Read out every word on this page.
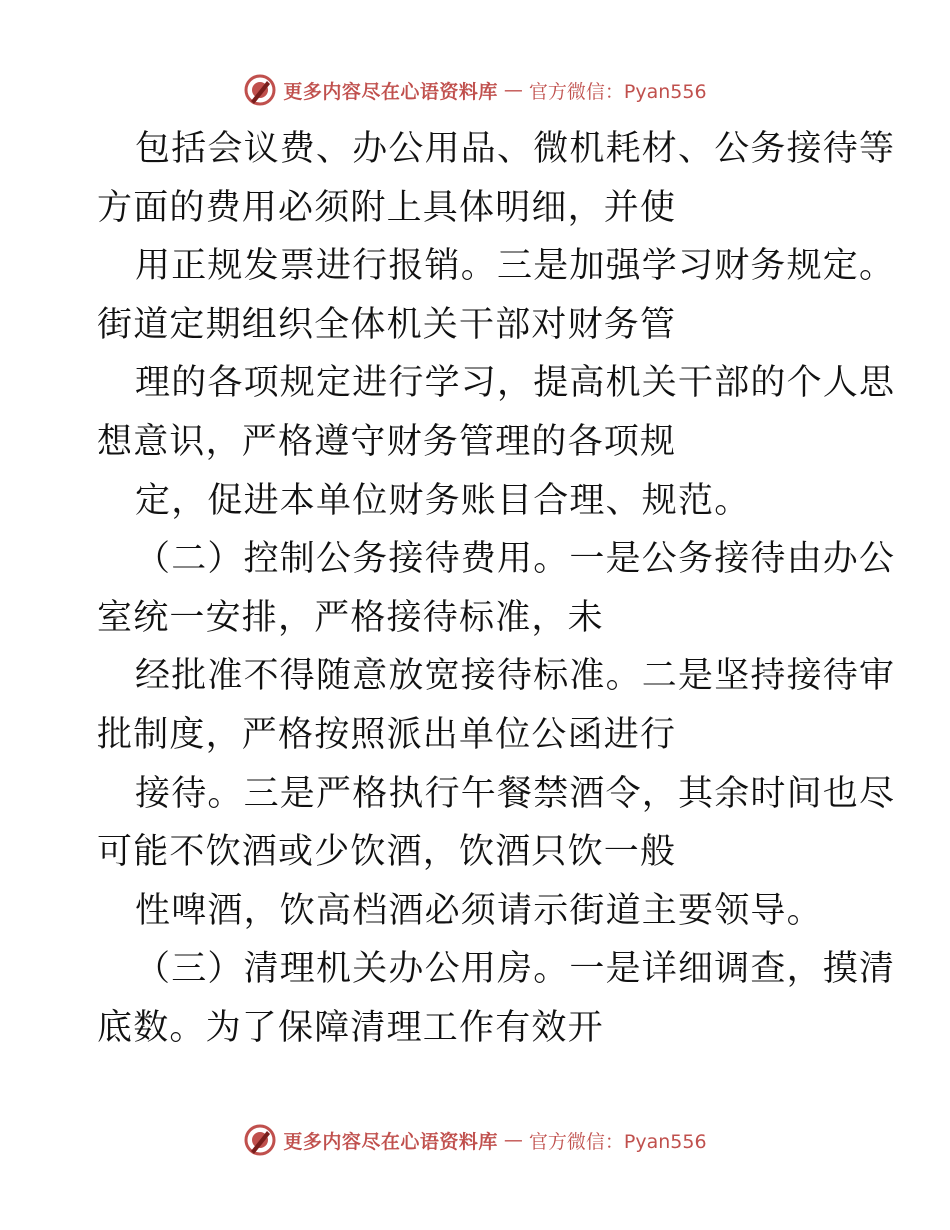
更多内容尽在心语资料库 — 官方微信：Pyan556
包括会议费、办公用品、微机耗材、公务接待等
方面的费用必须附上具体明细，并使
用正规发票进行报销。三是加强学习财务规定。
街道定期组织全体机关干部对财务管
理的各项规定进行学习，提高机关干部的个人思
想意识，严格遵守财务管理的各项规
定，促进本单位财务账目合理、规范。
（二）控制公务接待费用。一是公务接待由办公
室统一安排，严格接待标准，未
经批准不得随意放宽接待标准。二是坚持接待审
批制度，严格按照派出单位公函进行
接待。三是严格执行午餐禁酒令，其余时间也尽
可能不饮酒或少饮酒，饮酒只饮一般
性啤酒，饮高档酒必须请示街道主要领导。
（三）清理机关办公用房。一是详细调查，摸清
底数。为了保障清理工作有效开
更多内容尽在心语资料库 — 官方微信：Pyan556
